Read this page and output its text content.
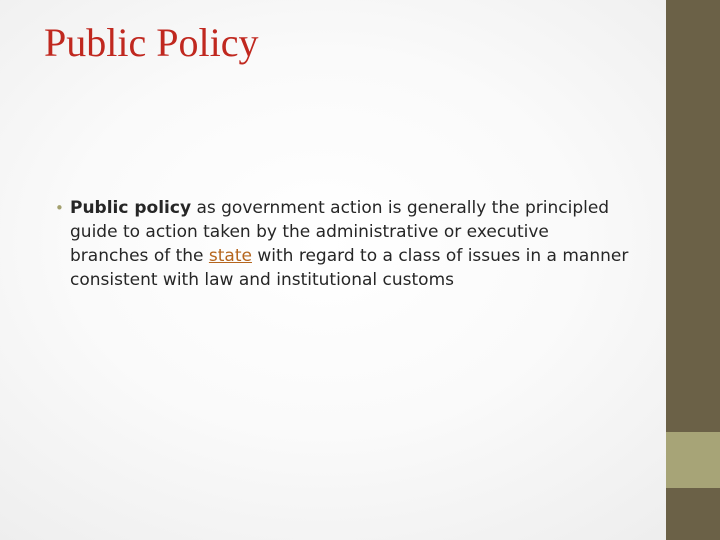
Public Policy
• Public policy as government action is generally the principled guide to action taken by the administrative or executive branches of the state with regard to a class of issues in a manner consistent with law and institutional customs
